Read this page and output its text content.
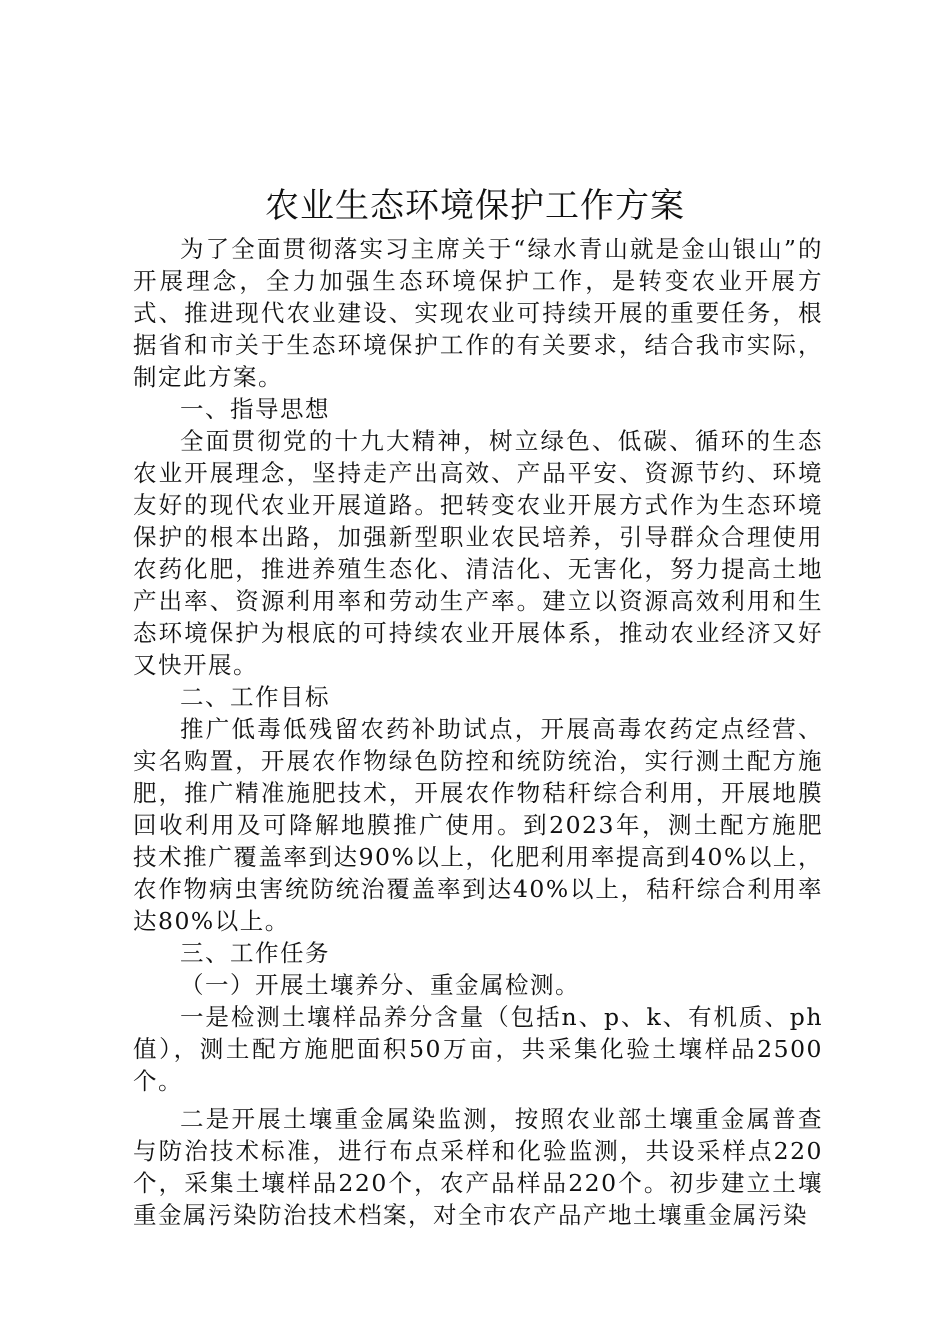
农业生态环境保护工作方案

为了全面贯彻落实习主席关于“绿水青山就是金山银山”的开展理念，全力加强生态环境保护工作，是转变农业开展方式、推进现代农业建设、实现农业可持续开展的重要任务，根据省和市关于生态环境保护工作的有关要求，结合我市实际，制定此方案。

一、指导思想

全面贯彻党的十九大精神，树立绿色、低碳、循环的生态农业开展理念，坚持走产出高效、产品平安、资源节约、环境友好的现代农业开展道路。把转变农业开展方式作为生态环境保护的根本出路，加强新型职业农民培养，引导群众合理使用农药化肥，推进养殖生态化、清洁化、无害化，努力提高土地产出率、资源利用率和劳动生产率。建立以资源高效利用和生态环境保护为根底的可持续农业开展体系，推动农业经济又好又快开展。

二、工作目标

推广低毒低残留农药补助试点，开展高毒农药定点经营、实名购置，开展农作物绿色防控和统防统治，实行测土配方施肥，推广精准施肥技术，开展农作物秸秆综合利用，开展地膜回收利用及可降解地膜推广使用。到2023年，测土配方施肥技术推广覆盖率到达90%以上，化肥利用率提高到40%以上，农作物病虫害统防统治覆盖率到达40%以上，秸秆综合利用率达80%以上。

三、工作任务

（一）开展土壤养分、重金属检测。

一是检测土壤样品养分含量（包括n、p、k、有机质、ph值），测土配方施肥面积50万亩，共采集化验土壤样品2500个。

二是开展土壤重金属染监测，按照农业部土壤重金属普查与防治技术标准，进行布点采样和化验监测，共设采样点220个，采集土壤样品220个，农产品样品220个。初步建立土壤重金属污染防治技术档案，对全市农产品产地土壤重金属污染
